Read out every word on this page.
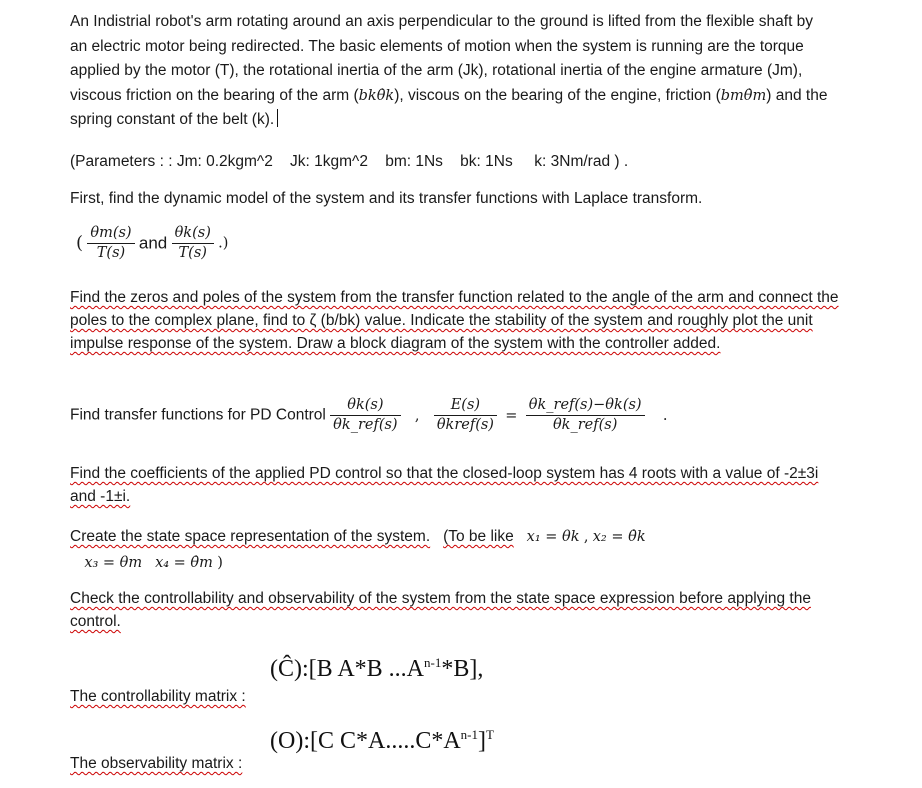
An Indistrial robot's arm rotating around an axis perpendicular to the ground is lifted from the flexible shaft by an electric motor being redirected. The basic elements of motion when the system is running are the torque applied by the motor (T), the rotational inertia of the arm (Jk), rotational inertia of the engine armature (Jm), viscous friction on the bearing of the arm (bkθ̇k), viscous on the bearing of the engine, friction (bmθ̇m) and the spring constant of the belt (k).
(Parameters : : Jm: 0.2kgm^2 Jk: 1kgm^2 bm: 1Ns bk: 1Ns k: 3Nm/rad ) .
First, find the dynamic model of the system and its transfer functions with Laplace transform.
( $\frac{\theta m(s)}{T(s)}$ and $\frac{\theta k(s)}{T(s)}$ .)
Find the zeros and poles of the system from the transfer function related to the angle of the arm and connect the poles to the complex plane, find to ζ (b/bk) value. Indicate the stability of the system and roughly plot the unit impulse response of the system. Draw a block diagram of the system with the controller added.
Find transfer functions for PD Control $\frac{\theta k(s)}{\text{θk\_ref(s)}}$ , $\frac{E(s)}{\text{θkref(s)}} = \frac{\text{θk\_ref(s)−θk(s)}}{\text{θk\_ref(s)}}$ .
Find the coefficients of the applied PD control so that the closed-loop system has 4 roots with a value of -2±3i and -1±i.
Create the state space representation of the system. (To be like x₁ = θk , x₂ = θ̇k
x₃ = θm x₄ = θ̇m )
Check the controllability and observability of the system from the state space expression before applying the control.
(Ĉ):[B A*B $...A^{n-1}*B$],
The controllability matrix :
(O):[C $C*A.....C*A^{n-1}]^T$
The observability matrix :
